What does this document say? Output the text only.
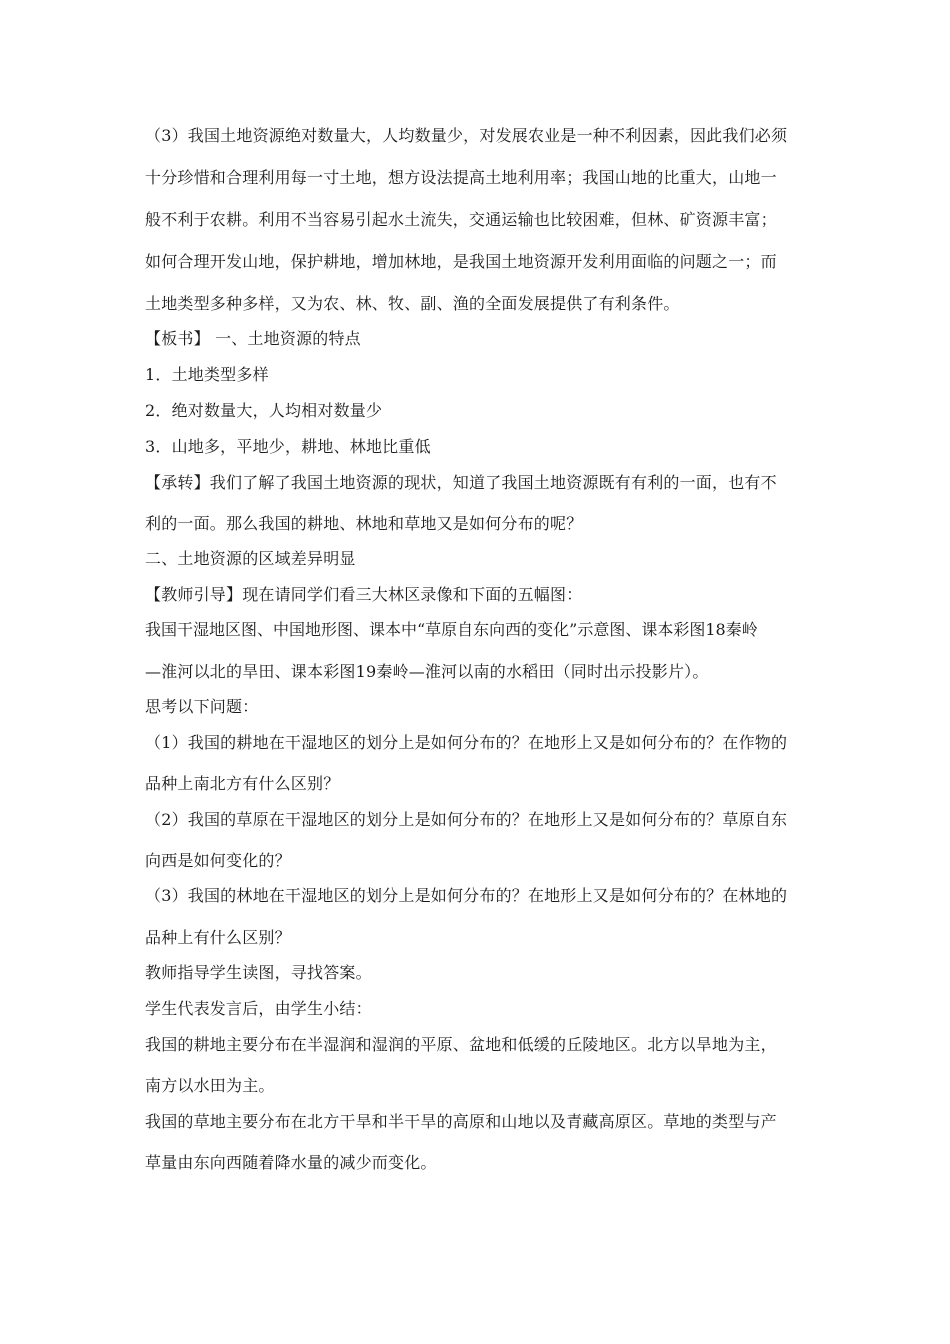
（3）我国土地资源绝对数量大，人均数量少，对发展农业是一种不利因素，因此我们必须
十分珍惜和合理利用每一寸土地，想方设法提高土地利用率；我国山地的比重大，山地一
般不利于农耕。利用不当容易引起水土流失，交通运输也比较困难，但林、矿资源丰富；
如何合理开发山地，保护耕地，增加林地，是我国土地资源开发利用面临的问题之一；而
土地类型多种多样，又为农、林、牧、副、渔的全面发展提供了有利条件。
【板书】 一、土地资源的特点
1．土地类型多样
2．绝对数量大，人均相对数量少
3．山地多，平地少，耕地、林地比重低
【承转】我们了解了我国土地资源的现状，知道了我国土地资源既有有利的一面，也有不
利的一面。那么我国的耕地、林地和草地又是如何分布的呢？
二、土地资源的区域差异明显
【教师引导】现在请同学们看三大林区录像和下面的五幅图：
我国干湿地区图、中国地形图、课本中“草原自东向西的变化”示意图、课本彩图18秦岭
—淮河以北的旱田、课本彩图19秦岭—淮河以南的水稻田（同时出示投影片）。
思考以下问题：
（1）我国的耕地在干湿地区的划分上是如何分布的？在地形上又是如何分布的？在作物的
品种上南北方有什么区别？
（2）我国的草原在干湿地区的划分上是如何分布的？在地形上又是如何分布的？草原自东
向西是如何变化的？
（3）我国的林地在干湿地区的划分上是如何分布的？在地形上又是如何分布的？在林地的
品种上有什么区别？
教师指导学生读图，寻找答案。
学生代表发言后，由学生小结：
我国的耕地主要分布在半湿润和湿润的平原、盆地和低缓的丘陵地区。北方以旱地为主，
南方以水田为主。
我国的草地主要分布在北方干旱和半干旱的高原和山地以及青藏高原区。草地的类型与产
草量由东向西随着降水量的减少而变化。
